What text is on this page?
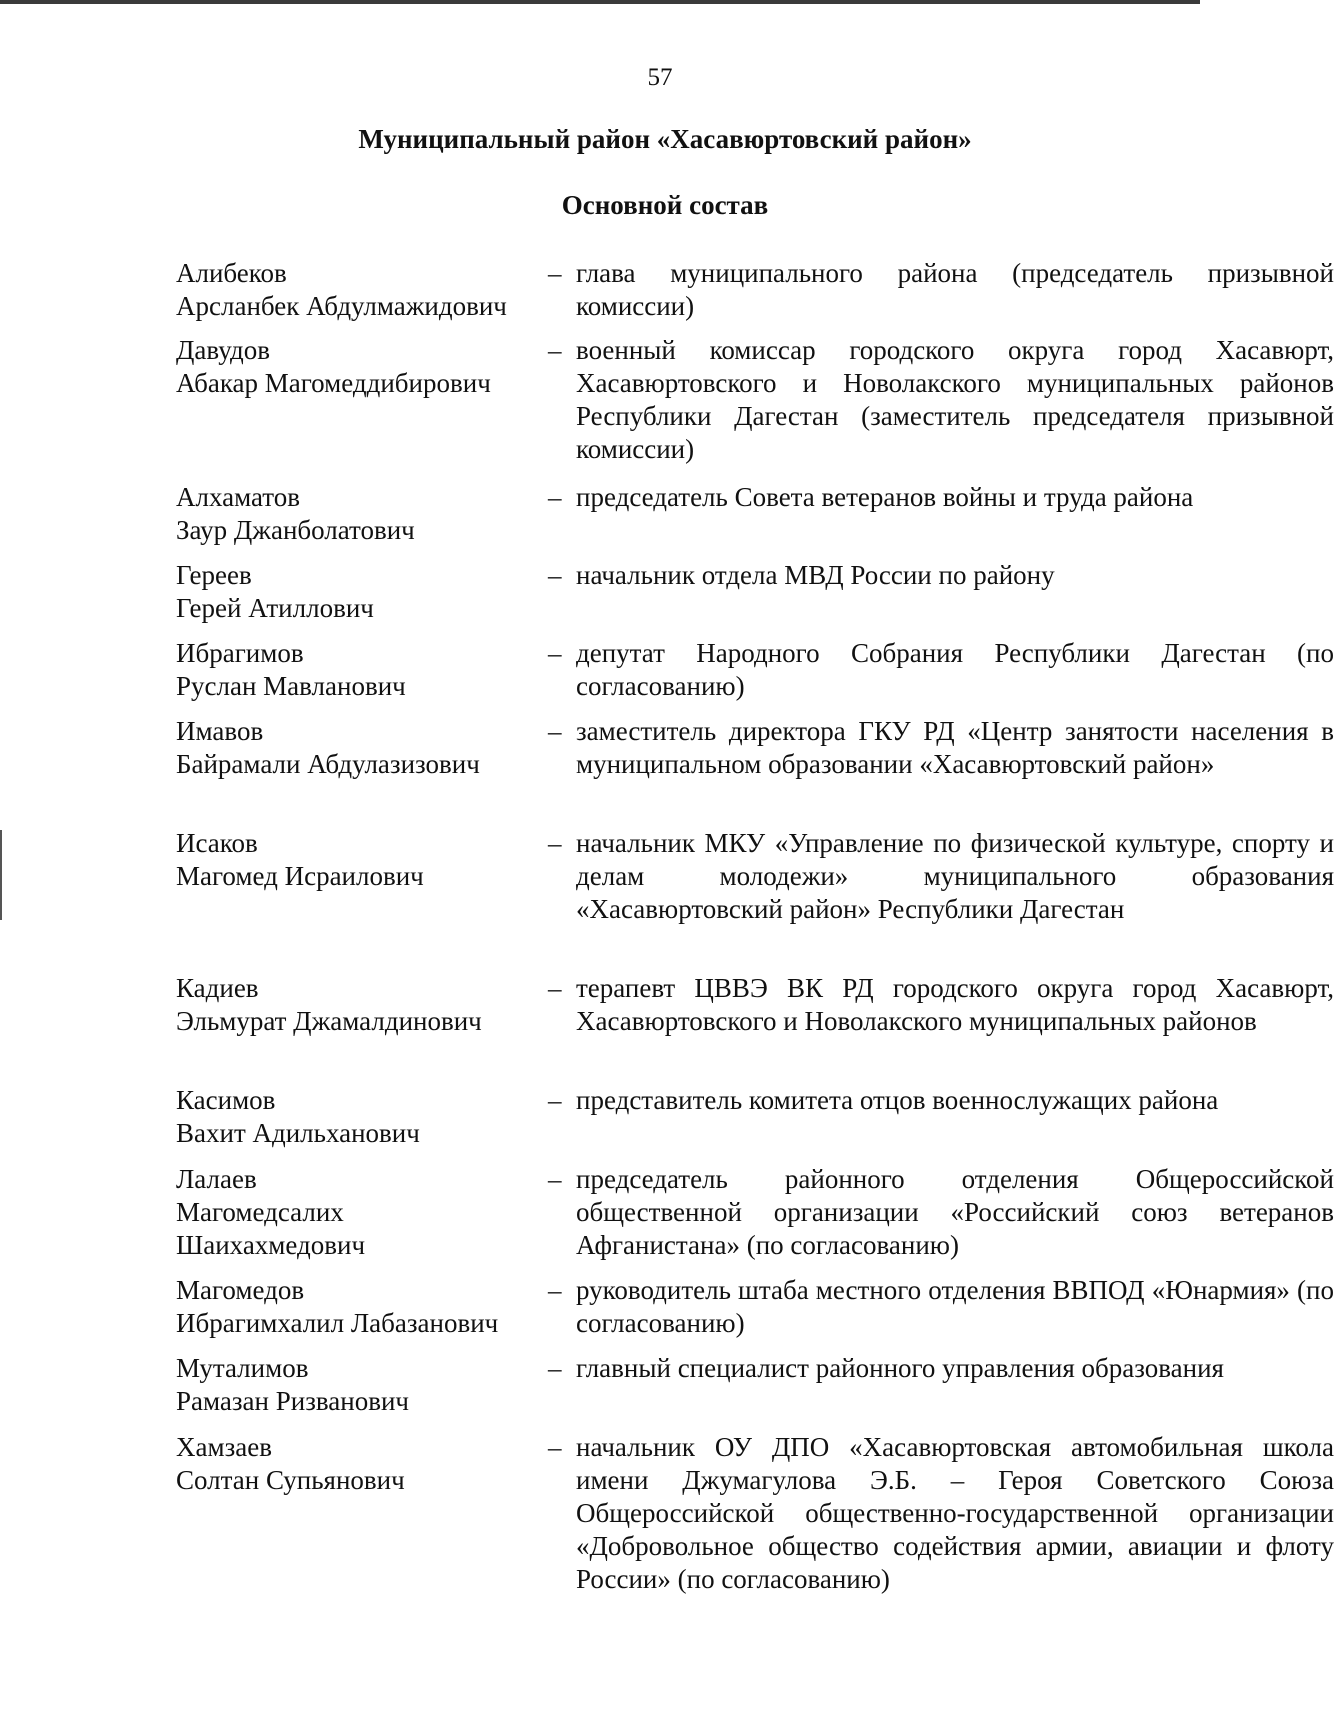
57
Муниципальный район «Хасавюртовский район»
Основной состав
Алибеков
Арсланбек Абдулмажидович
– глава муниципального района (председатель призывной комиссии)
Давудов
Абакар Магомеддибирович
– военный комиссар городского округа город Хасавюрт, Хасавюртовского и Новолакского муниципальных районов Республики Дагестан (заместитель председателя призывной комиссии)
Алхаматов
Заур Джанболатович
– председатель Совета ветеранов войны и труда района
Гереев
Герей Атиллович
– начальник отдела МВД России по району
Ибрагимов
Руслан Мавланович
– депутат Народного Собрания Республики Дагестан (по согласованию)
Имавов
Байрамали Абдулазизович
– заместитель директора ГКУ РД «Центр занятости населения в муниципальном образовании «Хасавюртовский район»
Исаков
Магомед Исраилович
– начальник МКУ «Управление по физической культуре, спорту и делам молодежи» муниципального образования «Хасавюртовский район» Республики Дагестан
Кадиев
Эльмурат Джамалдинович
– терапевт ЦВВЭ ВК РД городского округа город Хасавюрт, Хасавюртовского и Новолакского муниципальных районов
Касимов
Вахит Адильханович
– представитель комитета отцов военнослужащих района
Лалаев
Магомедсалих
Шаихахмедович
– председатель районного отделения Общероссийской общественной организации «Российский союз ветеранов Афганистана» (по согласованию)
Магомедов
Ибрагимхалил Лабазанович
– руководитель штаба местного отделения ВВПОД «Юнармия» (по согласованию)
Муталимов
Рамазан Ризванович
– главный специалист районного управления образования
Хамзаев
Солтан Супьянович
– начальник ОУ ДПО «Хасавюртовская автомобильная школа имени Джумагулова Э.Б. – Героя Советского Союза Общероссийской общественно-государственной организации «Добровольное общество содействия армии, авиации и флоту России» (по согласованию)
